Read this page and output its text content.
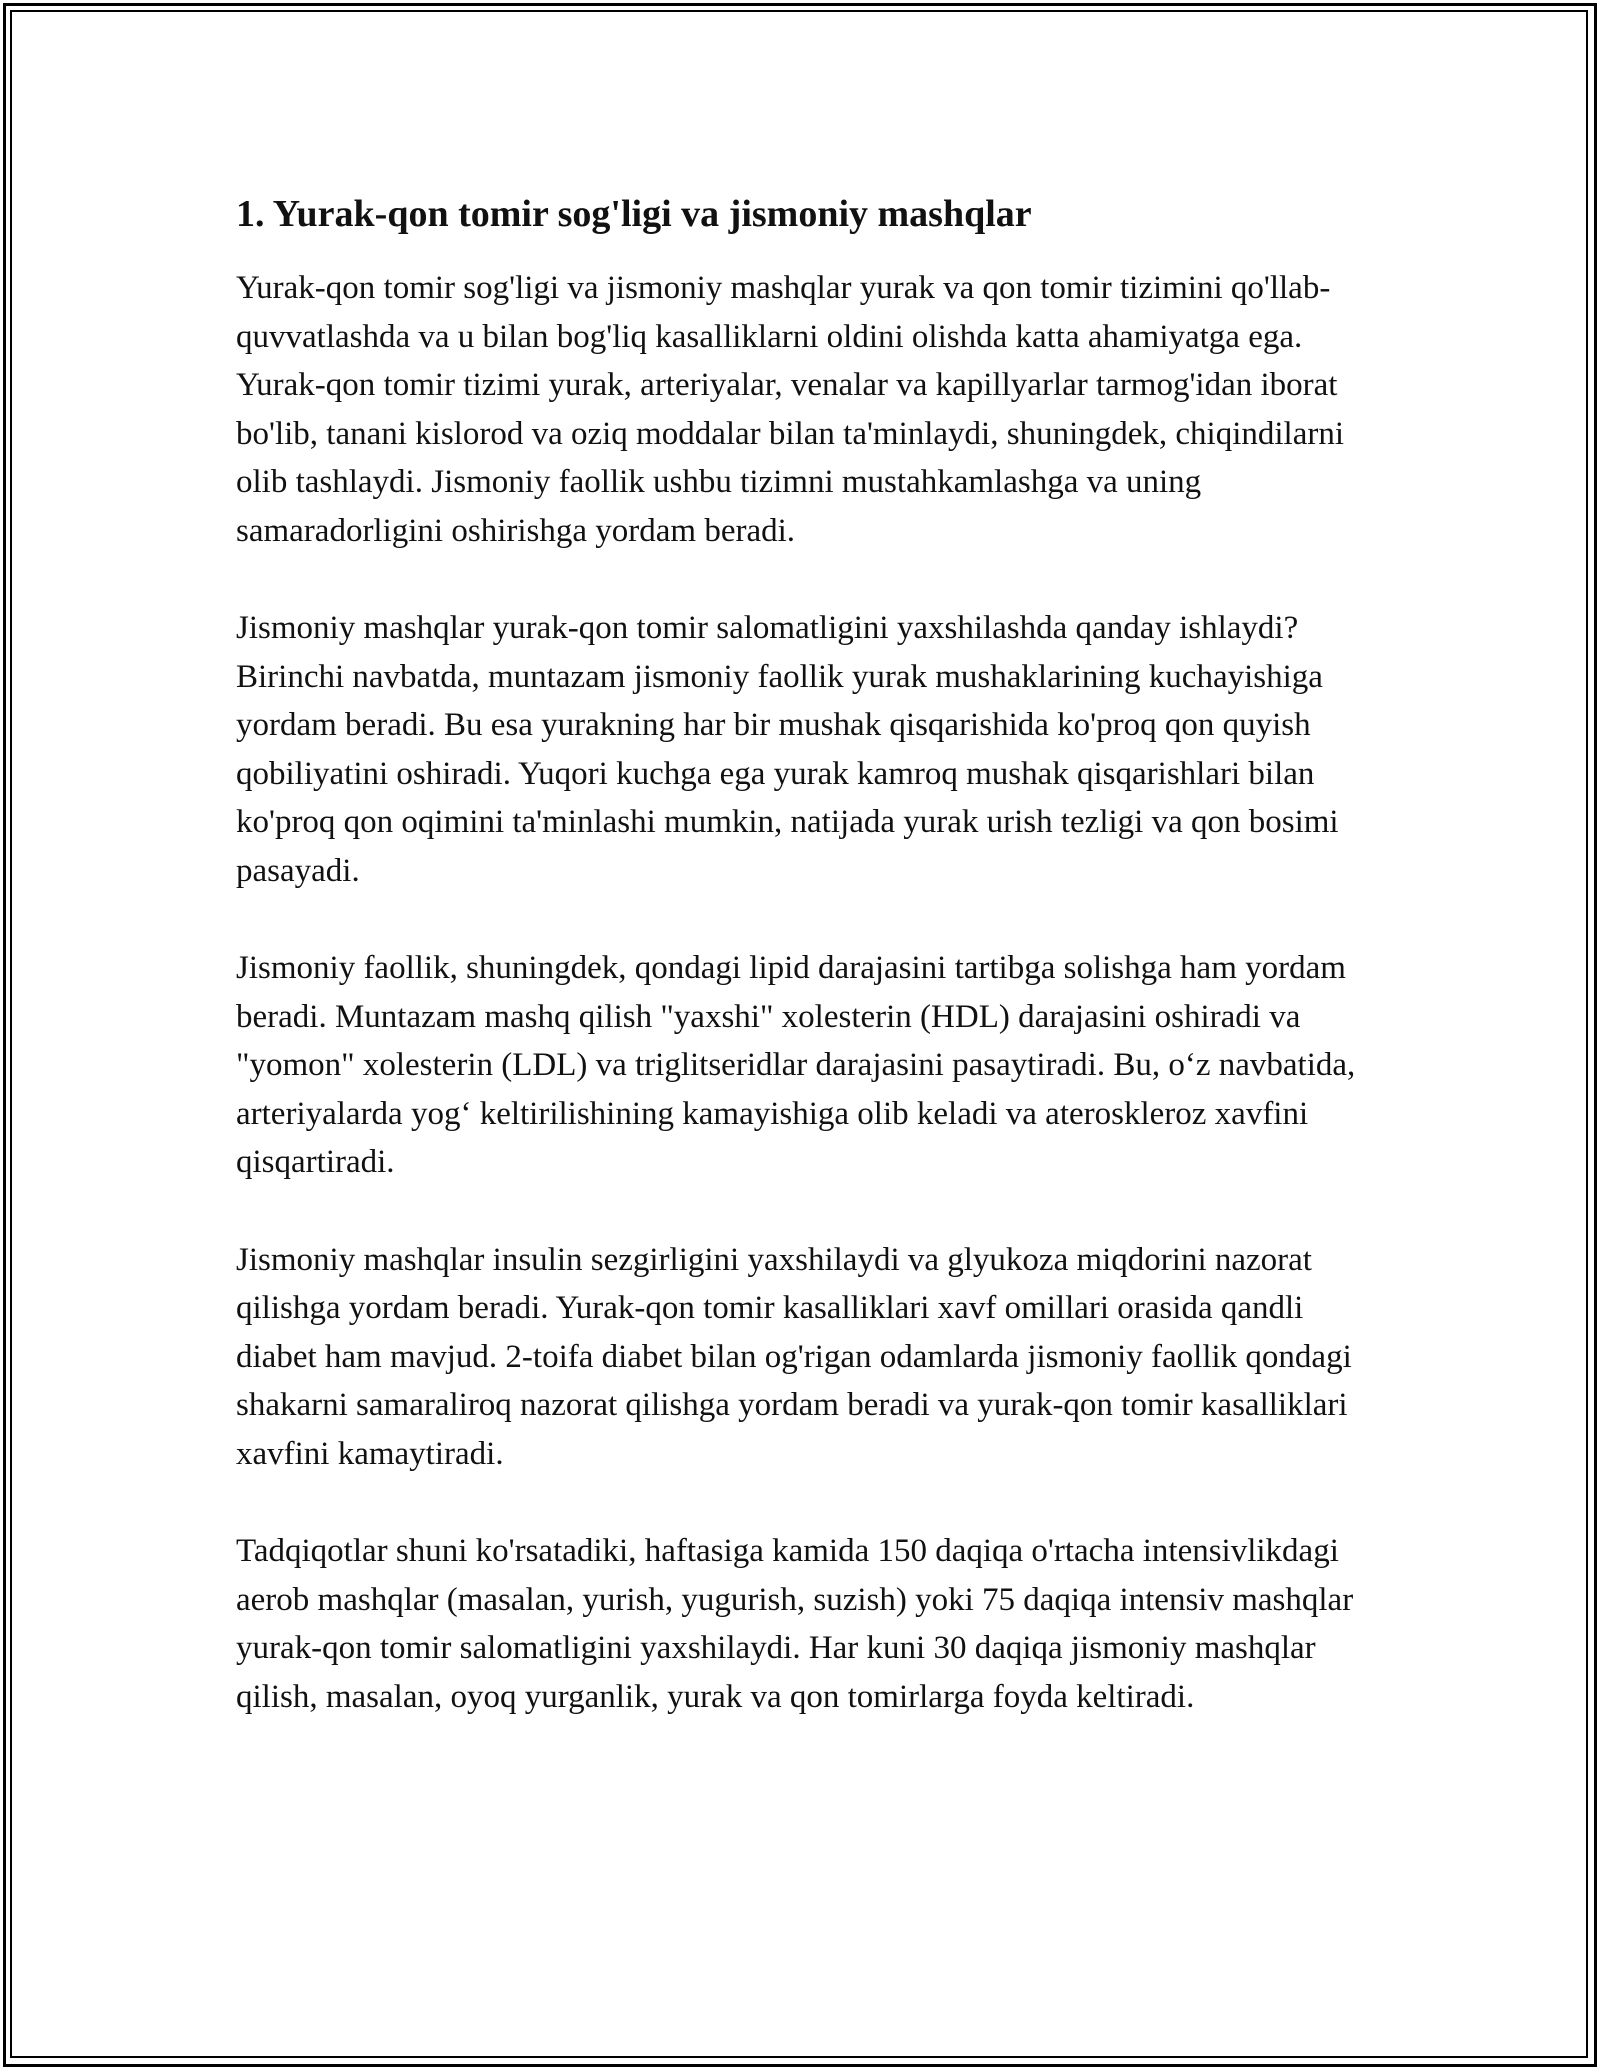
1. Yurak-qon tomir sog'ligi va jismoniy mashqlar

Yurak-qon tomir sog'ligi va jismoniy mashqlar yurak va qon tomir tizimini qo'llab-quvvatlashda va u bilan bog'liq kasalliklarni oldini olishda katta ahamiyatga ega. Yurak-qon tomir tizimi yurak, arteriyalar, venalar va kapillyarlar tarmog'idan iborat bo'lib, tanani kislorod va oziq moddalar bilan ta'minlaydi, shuningdek, chiqindilarni olib tashlaydi. Jismoniy faollik ushbu tizimni mustahkamlashga va uning samaradorligini oshirishga yordam beradi.

Jismoniy mashqlar yurak-qon tomir salomatligini yaxshilashda qanday ishlaydi? Birinchi navbatda, muntazam jismoniy faollik yurak mushaklarining kuchayishiga yordam beradi. Bu esa yurakning har bir mushak qisqarishida ko'proq qon quyish qobiliyatini oshiradi. Yuqori kuchga ega yurak kamroq mushak qisqarishlari bilan ko'proq qon oqimini ta'minlashi mumkin, natijada yurak urish tezligi va qon bosimi pasayadi.

Jismoniy faollik, shuningdek, qondagi lipid darajasini tartibga solishga ham yordam beradi. Muntazam mashq qilish "yaxshi" xolesterin (HDL) darajasini oshiradi va "yomon" xolesterin (LDL) va triglitseridlar darajasini pasaytiradi. Bu, o‘z navbatida, arteriyalarda yog‘ keltirilishining kamayishiga olib keladi va ateroskleroz xavfini qisqartiradi.

Jismoniy mashqlar insulin sezgirligini yaxshilaydi va glyukoza miqdorini nazorat qilishga yordam beradi. Yurak-qon tomir kasalliklari xavf omillari orasida qandli diabet ham mavjud. 2-toifa diabet bilan og'rigan odamlarda jismoniy faollik qondagi shakarni samaraliroq nazorat qilishga yordam beradi va yurak-qon tomir kasalliklari xavfini kamaytiradi.

Tadqiqotlar shuni ko'rsatadiki, haftasiga kamida 150 daqiqa o'rtacha intensivlikdagi aerob mashqlar (masalan, yurish, yugurish, suzish) yoki 75 daqiqa intensiv mashqlar yurak-qon tomir salomatligini yaxshilaydi. Har kuni 30 daqiqa jismoniy mashqlar qilish, masalan, oyoq yurganlik, yurak va qon tomirlarga foyda keltiradi.
